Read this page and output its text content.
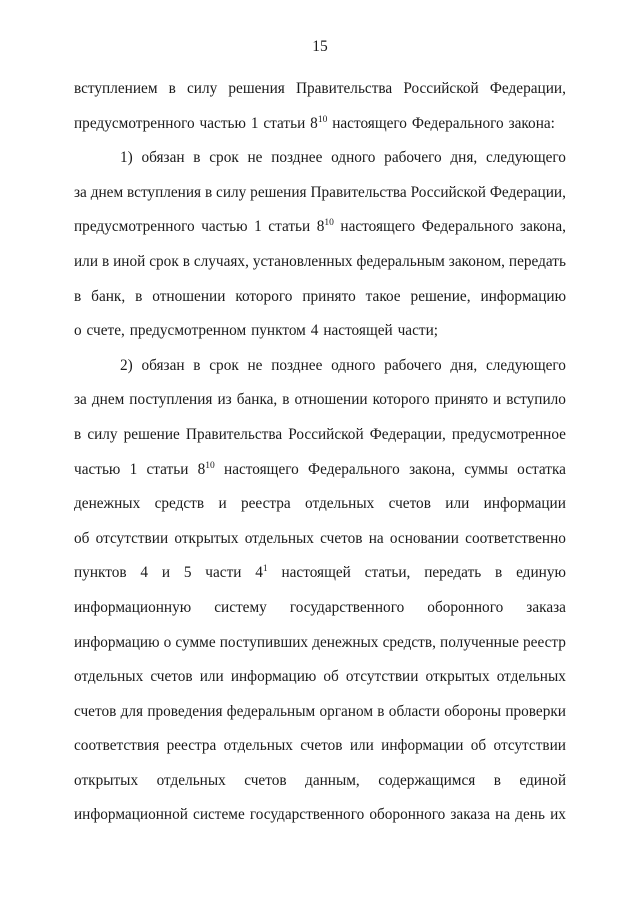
15
вступлением в силу решения Правительства Российской Федерации,
предусмотренного частью 1 статьи $8^{10}$ настоящего Федерального закона:
1) обязан в срок не позднее одного рабочего дня, следующего
за днем вступления в силу решения Правительства Российской Федерации,
предусмотренного частью 1 статьи $8^{10}$ настоящего Федерального закона,
или в иной срок в случаях, установленных федеральным законом, передать
в банк, в отношении которого принято такое решение, информацию
о счете, предусмотренном пунктом 4 настоящей части;
2) обязан в срок не позднее одного рабочего дня, следующего
за днем поступления из банка, в отношении которого принято и вступило
в силу решение Правительства Российской Федерации, предусмотренное
частью 1 статьи $8^{10}$ настоящего Федерального закона, суммы остатка
денежных средств и реестра отдельных счетов или информации
об отсутствии открытых отдельных счетов на основании соответственно
пунктов 4 и 5 части $4^1$ настоящей статьи, передать в единую
информационную систему государственного оборонного заказа
информацию о сумме поступивших денежных средств, полученные реестр
отдельных счетов или информацию об отсутствии открытых отдельных
счетов для проведения федеральным органом в области обороны проверки
соответствия реестра отдельных счетов или информации об отсутствии
открытых отдельных счетов данным, содержащимся в единой
информационной системе государственного оборонного заказа на день их
